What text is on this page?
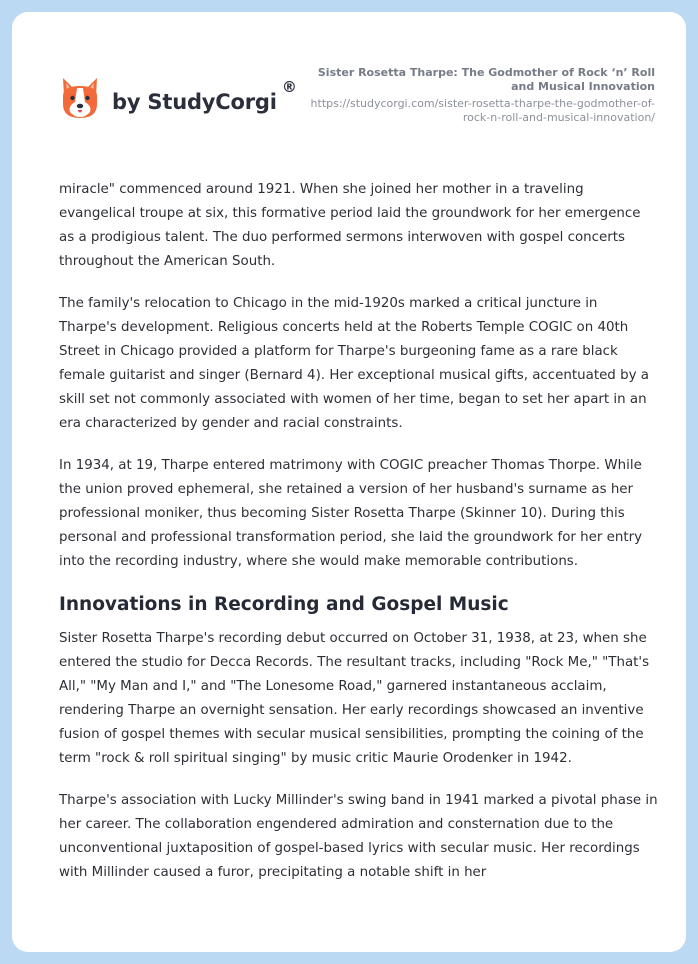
by StudyCorgi
®
Sister Rosetta Tharpe: The Godmother of Rock ‘n’ Roll and Musical Innovation
https://studycorgi.com/sister-rosetta-tharpe-the-godmother-of-rock-n-roll-and-musical-innovation/

miracle" commenced around 1921. When she joined her mother in a traveling evangelical troupe at six, this formative period laid the groundwork for her emergence as a prodigious talent. The duo performed sermons interwoven with gospel concerts throughout the American South.

The family's relocation to Chicago in the mid-1920s marked a critical juncture in Tharpe's development. Religious concerts held at the Roberts Temple COGIC on 40th Street in Chicago provided a platform for Tharpe's burgeoning fame as a rare black female guitarist and singer (Bernard 4). Her exceptional musical gifts, accentuated by a skill set not commonly associated with women of her time, began to set her apart in an era characterized by gender and racial constraints.

In 1934, at 19, Tharpe entered matrimony with COGIC preacher Thomas Thorpe. While the union proved ephemeral, she retained a version of her husband's surname as her professional moniker, thus becoming Sister Rosetta Tharpe (Skinner 10). During this personal and professional transformation period, she laid the groundwork for her entry into the recording industry, where she would make memorable contributions.

Innovations in Recording and Gospel Music

Sister Rosetta Tharpe's recording debut occurred on October 31, 1938, at 23, when she entered the studio for Decca Records. The resultant tracks, including "Rock Me," "That's All," "My Man and I," and "The Lonesome Road," garnered instantaneous acclaim, rendering Tharpe an overnight sensation. Her early recordings showcased an inventive fusion of gospel themes with secular musical sensibilities, prompting the coining of the term "rock & roll spiritual singing" by music critic Maurie Orodenker in 1942.

Tharpe's association with Lucky Millinder's swing band in 1941 marked a pivotal phase in her career. The collaboration engendered admiration and consternation due to the unconventional juxtaposition of gospel-based lyrics with secular music. Her recordings with Millinder caused a furor, precipitating a notable shift in her
